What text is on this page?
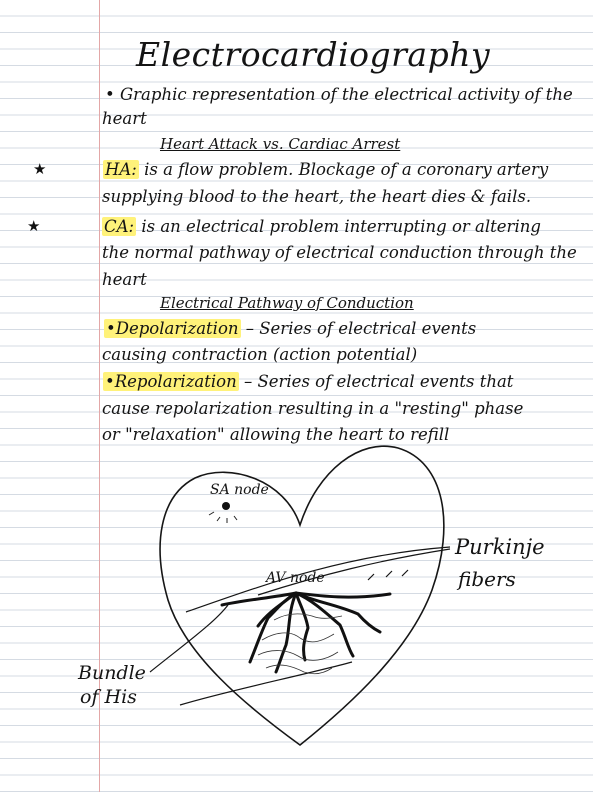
Electrocardiography
• Graphic representation of the electrical activity of the
heart
Heart Attack vs. Cardiac Arrest
★	HA: is a flow problem. Blockage of a coronary artery
supplying blood to the heart, the heart dies & fails.
★	CA: is an electrical problem interrupting or altering
the normal pathway of electrical conduction through the
heart
Electrical Pathway of Conduction
•Depolarization – Series of electrical events
causing contraction (action potential)
•Repolarization – Series of electrical events that
cause repolarization resulting in a "resting" phase
or "relaxation" allowing the heart to refill
SA node
AV node
Purkinje
fibers
Bundle
of His
